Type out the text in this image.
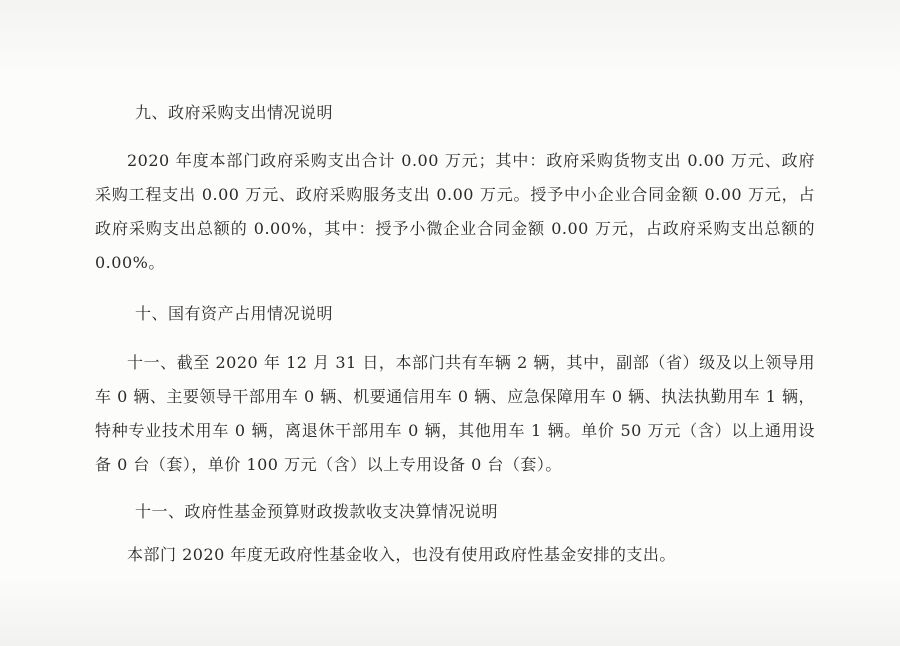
九、政府采购支出情况说明

2020 年度本部门政府采购支出合计 0.00 万元；其中：政府采购货物支出 0.00 万元、政府采购工程支出 0.00 万元、政府采购服务支出 0.00 万元。授予中小企业合同金额 0.00 万元，占政府采购支出总额的 0.00%，其中：授予小微企业合同金额 0.00 万元，占政府采购支出总额的 0.00%。

十、国有资产占用情况说明

十一、截至 2020 年 12 月 31 日，本部门共有车辆 2 辆，其中，副部（省）级及以上领导用车 0 辆、主要领导干部用车 0 辆、机要通信用车 0 辆、应急保障用车 0 辆、执法执勤用车 1 辆，特种专业技术用车 0 辆，离退休干部用车 0 辆，其他用车 1 辆。单价 50 万元（含）以上通用设备 0 台（套），单价 100 万元（含）以上专用设备 0 台（套）。

十一、政府性基金预算财政拨款收支决算情况说明

本部门 2020 年度无政府性基金收入，也没有使用政府性基金安排的支出。
